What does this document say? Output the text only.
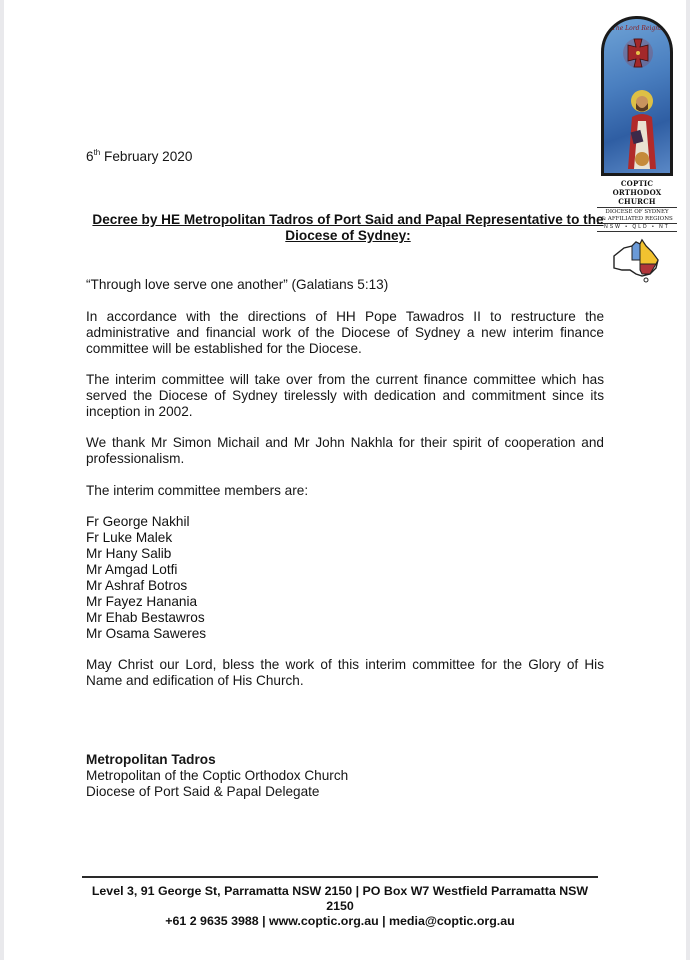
The Lord Reigns
COPTIC ORTHODOX CHURCH
DIOCESE OF SYDNEY
& AFFILIATED REGIONS
NSW • QLD • NT
6th February 2020
Decree by HE Metropolitan Tadros of Port Said and Papal Representative to the Diocese of Sydney:
“Through love serve one another” (Galatians 5:13)
In accordance with the directions of HH Pope Tawadros II to restructure the administrative and financial work of the Diocese of Sydney a new interim finance committee will be established for the Diocese.
The interim committee will take over from the current finance committee which has served the Diocese of Sydney tirelessly with dedication and commitment since its inception in 2002.
We thank Mr Simon Michail and Mr John Nakhla for their spirit of cooperation and professionalism.
The interim committee members are:
Fr George Nakhil
Fr Luke Malek
Mr Hany Salib
Mr Amgad Lotfi
Mr Ashraf Botros
Mr Fayez Hanania
Mr Ehab Bestawros
Mr Osama Saweres
May Christ our Lord, bless the work of this interim committee for the Glory of His Name and edification of His Church.
Metropolitan Tadros
Metropolitan of the Coptic Orthodox Church
Diocese of Port Said & Papal Delegate
Level 3, 91 George St, Parramatta NSW 2150 | PO Box W7 Westfield Parramatta NSW 2150
+61 2 9635 3988 | www.coptic.org.au | media@coptic.org.au
